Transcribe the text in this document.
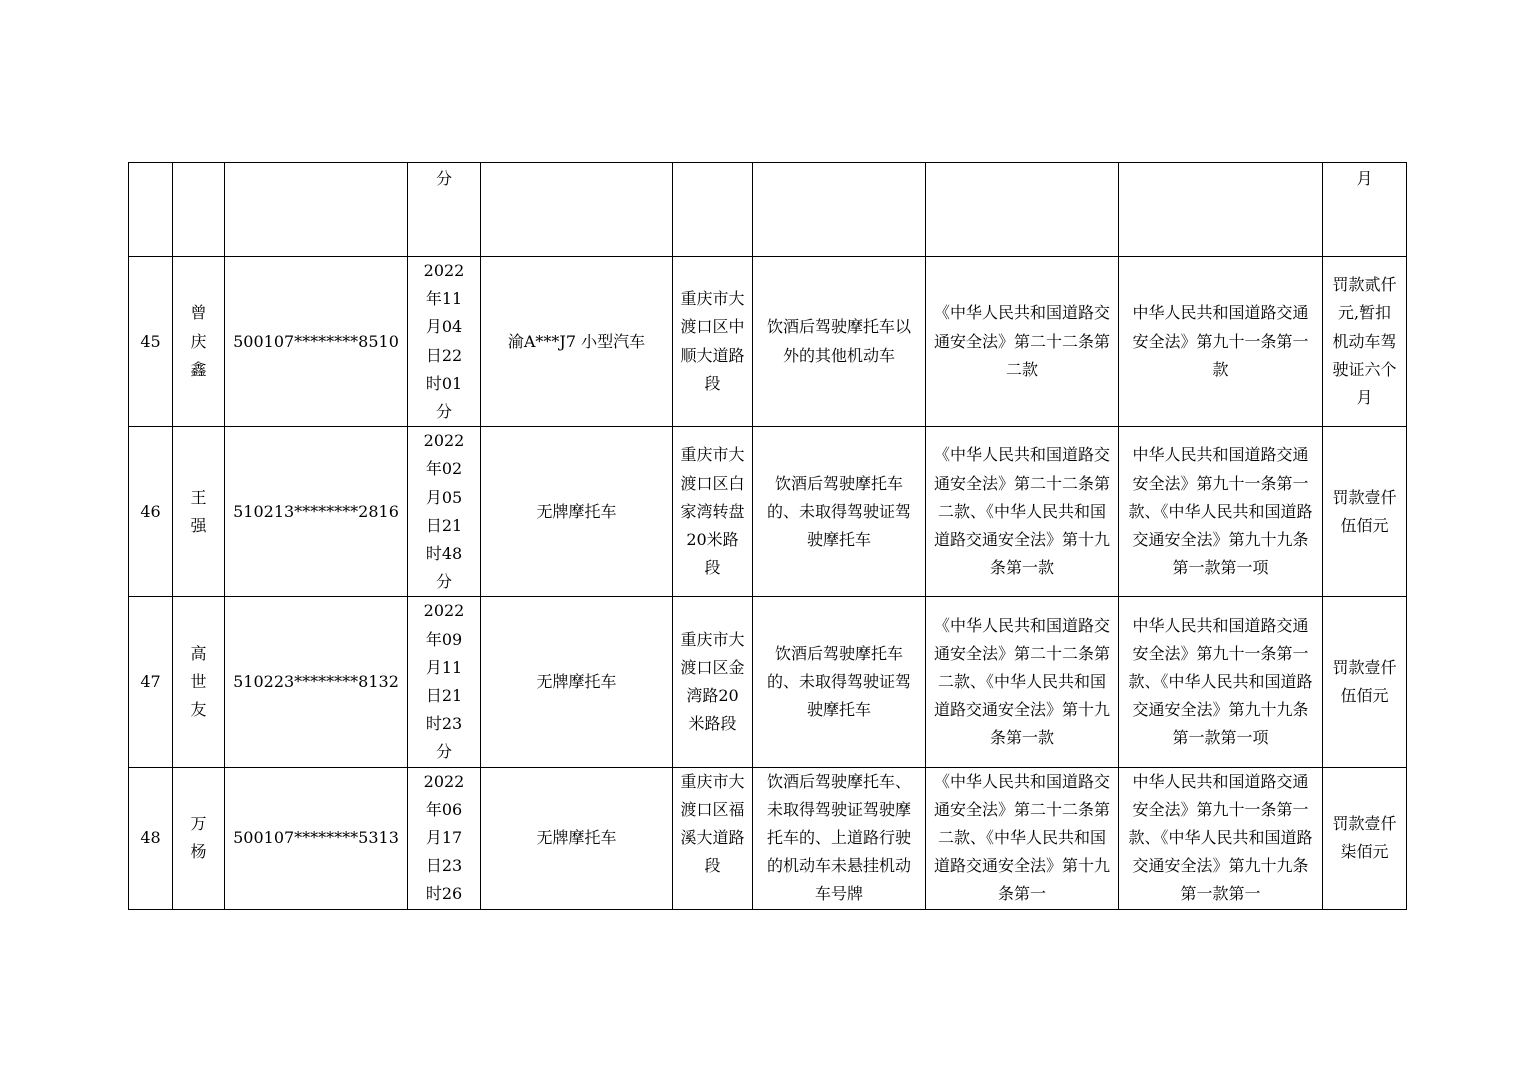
	分						月

45	曾庆鑫	500107********8510	2022年11月04日22时01分	渝A***J7 小型汽车	重庆市大渡口区中顺大道路段	饮酒后驾驶摩托车以外的其他机动车	《中华人民共和国道路交通安全法》第二十二条第二款	中华人民共和国道路交通安全法》第九十一条第一款	罚款贰仟元,暂扣机动车驾驶证六个月

46	王强	510213********2816	2022年02月05日21时48分	无牌摩托车	重庆市大渡口区白家湾转盘20米路段	饮酒后驾驶摩托车的、未取得驾驶证驾驶摩托车	《中华人民共和国道路交通安全法》第二十二条第二款、《中华人民共和国道路交通安全法》第十九条第一款	中华人民共和国道路交通安全法》第九十一条第一款、《中华人民共和国道路交通安全法》第九十九条第一款第一项	罚款壹仟伍佰元

47	高世友	510223********8132	2022年09月11日21时23分	无牌摩托车	重庆市大渡口区金湾路20米路段	饮酒后驾驶摩托车的、未取得驾驶证驾驶摩托车	《中华人民共和国道路交通安全法》第二十二条第二款、《中华人民共和国道路交通安全法》第十九条第一款	中华人民共和国道路交通安全法》第九十一条第一款、《中华人民共和国道路交通安全法》第九十九条第一款第一项	罚款壹仟伍佰元

48	万杨	500107********5313	2022年06月17日23时26	无牌摩托车	重庆市大渡口区福溪大道路段	饮酒后驾驶摩托车、未取得驾驶证驾驶摩托车的、上道路行驶的机动车未悬挂机动车号牌	《中华人民共和国道路交通安全法》第二十二条第二款、《中华人民共和国道路交通安全法》第十九条第一	中华人民共和国道路交通安全法》第九十一条第一款、《中华人民共和国道路交通安全法》第九十九条第一款第一	罚款壹仟柒佰元
